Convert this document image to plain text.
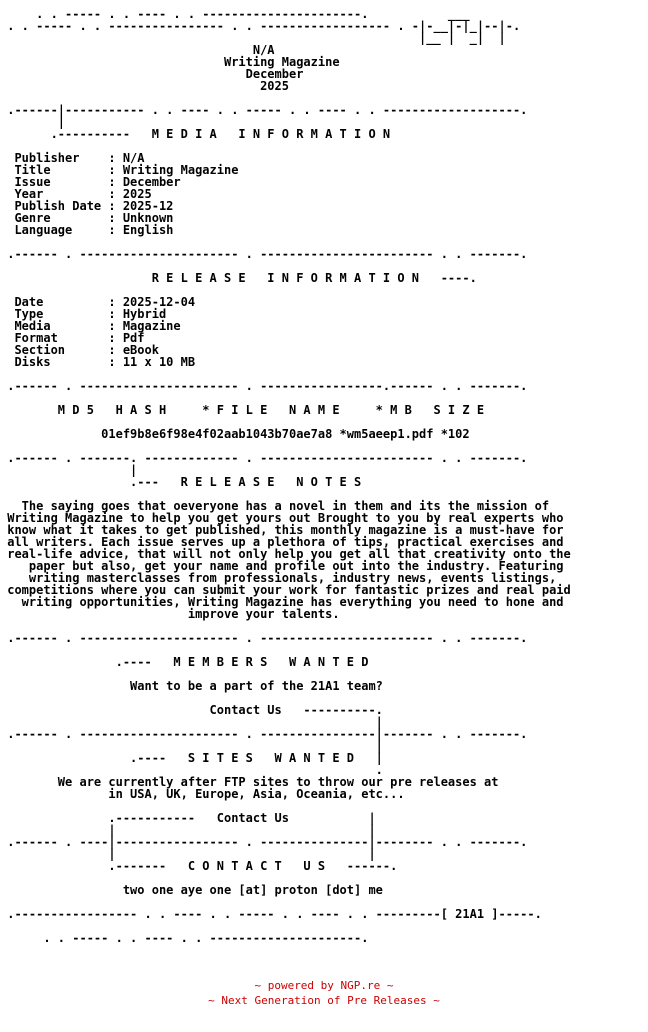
. . ----- . . ---- . . ----------------------.           ___
. . ----- . . ---------------- . . ------------------ . -|-__|-|_|--|-.
|__ |  _|  |
N/A
Writing Magazine
December
2025
.------|----------- . . ---- . . ----- . . ---- . . -------------------.
|
.----------   M E D I A   I N F O R M A T I O N
Publisher    : N/A
Title        : Writing Magazine
Issue        : December
Year         : 2025
Publish Date : 2025-12
Genre        : Unknown
Language     : English
.------ . ---------------------- . ------------------------ . . -------.
R E L E A S E   I N F O R M A T I O N   ----.
Date         : 2025-12-04
Type         : Hybrid
Media        : Magazine
Format       : Pdf
Section      : eBook
Disks        : 11 x 10 MB
.------ . ---------------------- . -----------------.------ . . -------.
M D 5   H A S H     * F I L E   N A M E     * M B   S I Z E
01ef9b8e6f98e4f02aab1043b70ae7a8 *wm5aeep1.pdf *102
.------ . -------. ------------- . ------------------------ . . -------.
|
.---   R E L E A S E   N O T E S
The saying goes that oeveryone has a novel in them and its the mission of
Writing Magazine to help you get yours out Brought to you by real experts who
know what it takes to get published, this monthly magazine is a must-have for
all writers. Each issue serves up a plethora of tips, practical exercises and
real-life advice, that will not only help you get all that creativity onto the
paper but also, get your name and profile out into the industry. Featuring
writing masterclasses from professionals, industry news, events listings,
competitions where you can submit your work for fantastic prizes and real paid
writing opportunities, Writing Magazine has everything you need to hone and
improve your talents.
.------ . ---------------------- . ------------------------ . . -------.
.----   M E M B E R S   W A N T E D
Want to be a part of the 21A1 team?
Contact Us   ----------.
|
.------ . ---------------------- . ----------------|------- . . -------.
|
.----   S I T E S   W A N T E D   |
.
We are currently after FTP sites to throw our pre releases at
in USA, UK, Europe, Asia, Oceania, etc...
.-----------   Contact Us           |
|                                   |
.------ . ----|----------------- . ---------------|-------- . . -------.
|                                   |
.-------   C O N T A C T   U S   ------.
two one aye one [at] proton [dot] me
.----------------- . . ---- . . ----- . . ---- . . ---------[ 21A1 ]-----.
. . ----- . . ---- . . ---------------------.
~ powered by NGP.re ~
~ Next Generation of Pre Releases ~
